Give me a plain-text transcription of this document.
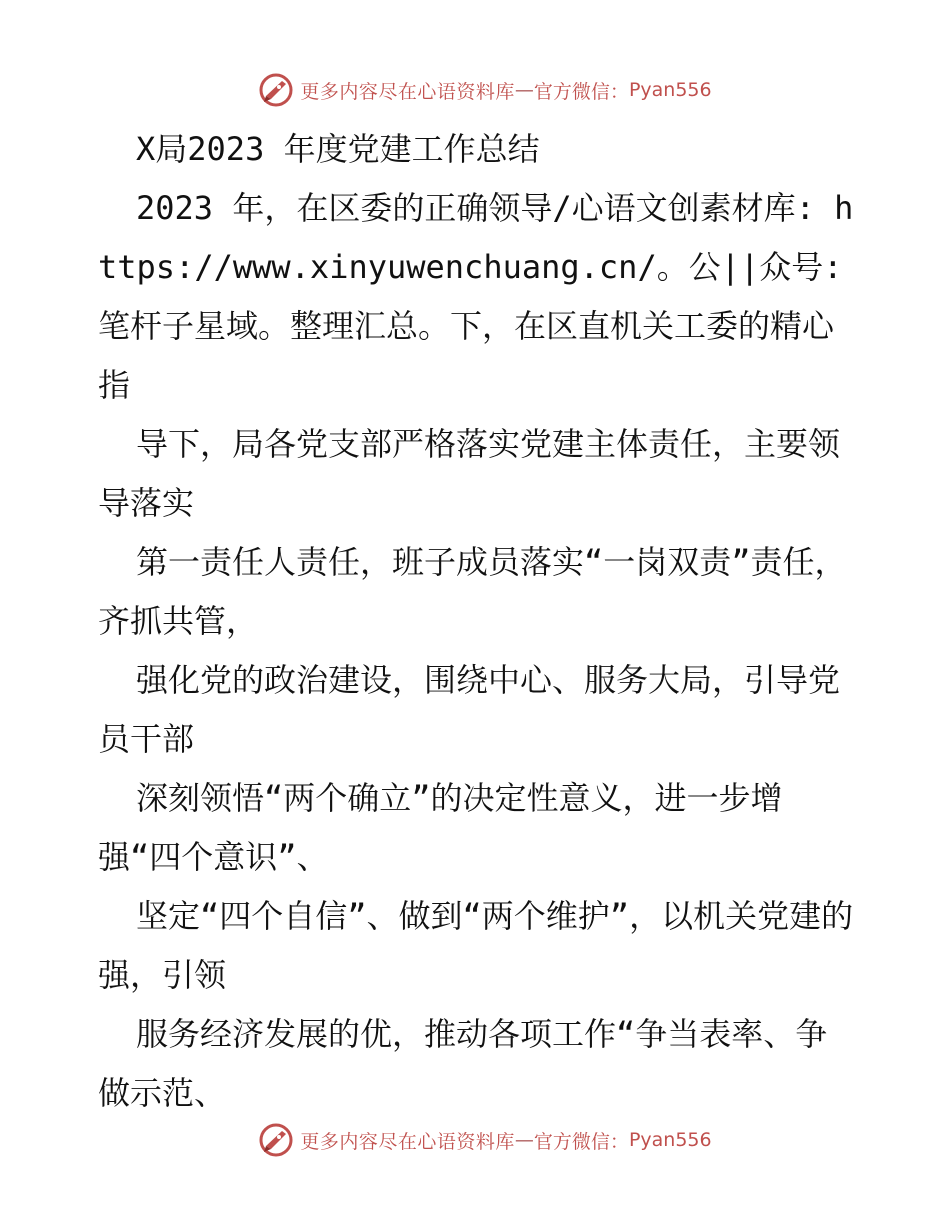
更多内容尽在心语资料库 — 官方微信： Pyan556

X局2023 年度党建工作总结

2023 年，在区委的正确领导/心语文创素材库: https://www.xinyuwenchuang.cn/。公||众号: 笔杆子星域。整理汇总。下，在区直机关工委的精心指

导下，局各党支部严格落实党建主体责任，主要领导落实

第一责任人责任，班子成员落实“一岗双责”责任，齐抓共管，

强化党的政治建设，围绕中心、服务大局，引导党员干部

深刻领悟“两个确立”的决定性意义，进一步增强“四个意识”、

坚定“四个自信”、做到“两个维护”，以机关党建的强，引领

服务经济发展的优，推动各项工作“争当表率、争做示范、

更多内容尽在心语资料库 — 官方微信： Pyan556
